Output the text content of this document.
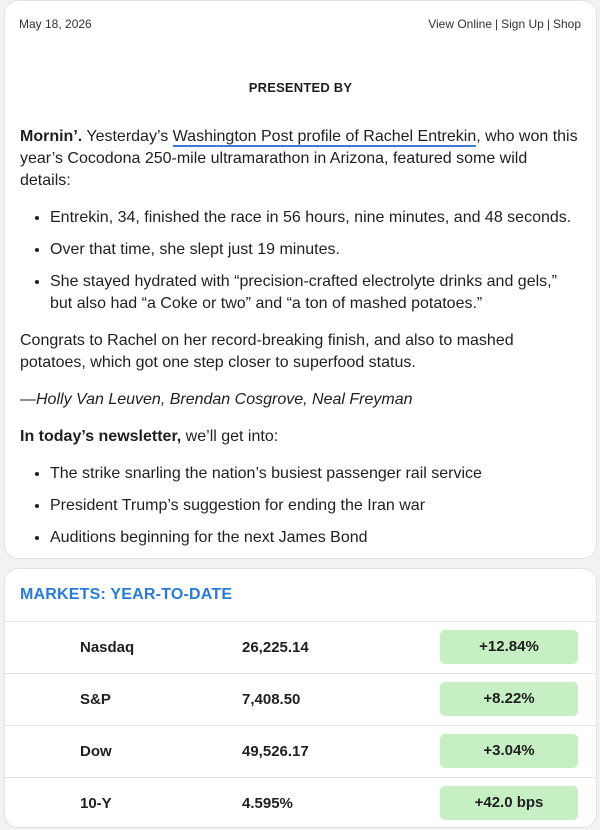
May 18, 2026	View Online | Sign Up | Shop
PRESENTED BY

Mornin’. Yesterday’s Washington Post profile of Rachel Entrekin, who won this year’s Cocodona 250-mile ultramarathon in Arizona, featured some wild details:

• Entrekin, 34, finished the race in 56 hours, nine minutes, and 48 seconds.
• Over that time, she slept just 19 minutes.
• She stayed hydrated with “precision-crafted electrolyte drinks and gels,” but also had “a Coke or two” and “a ton of mashed potatoes.”

Congrats to Rachel on her record-breaking finish, and also to mashed potatoes, which got one step closer to superfood status.

—Holly Van Leuven, Brendan Cosgrove, Neal Freyman

In today’s newsletter, we’ll get into:

• The strike snarling the nation’s busiest passenger rail service
• President Trump’s suggestion for ending the Iran war
• Auditions beginning for the next James Bond
MARKETS: YEAR-TO-DATE
Nasdaq	26,225.14	+12.84%
S&P	7,408.50	+8.22%
Dow	49,526.17	+3.04%
10-Y	4.595%	+42.0 bps
